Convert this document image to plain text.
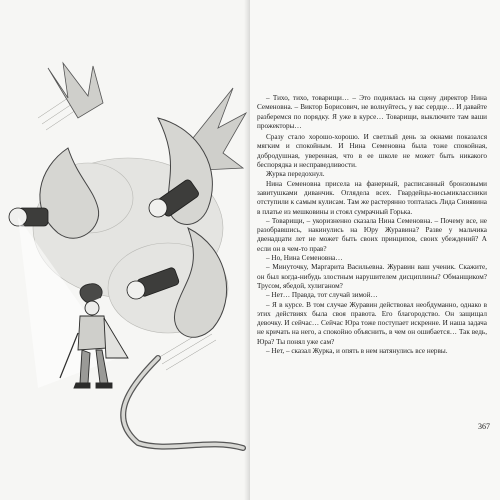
– Тихо, тихо, товарищи… – Это поднялась на сцену директор Нина Семеновна. – Виктор Борисович, не волнуйтесь, у вас сердце… И давайте разберемся по порядку. Я уже в курсе… Товарищи, выключите там ваши прожекторы…

Сразу стало хорошо-хорошо. И светлый день за окнами показался мягким и спокойным. И Нина Семеновна была тоже спокойная, добродушная, уверенная, что в ее школе не может быть никакого беспорядка и несправедливости.

Журка передохнул.

Нина Семеновна присела на фанерный, расписанный бронзовыми завитушками диванчик. Оглядела всех. Гвардейцы-восьмиклассники отступили к самым кулисам. Там же растерянно топталась Лида Синявина в платье из мешковины и стоял сумрачный Горька.

– Товарищи, – укоризненно сказала Нина Семеновна. – Почему все, не разобравшись, накинулись на Юру Журавина? Разве у мальчика двенадцати лет не может быть своих принципов, своих убеждений? А если он в чем-то прав?

– Но, Нина Семеновна…

– Минуточку, Маргарита Васильевна. Журавин ваш ученик. Скажите, он был когда-нибудь злостным нарушителем дисциплины? Обманщиком? Трусом, ябедой, хулиганом?

– Нет… Правда, тот случай зимой…

– Я в курсе. В том случае Журавин действовал необдуманно, однако в этих действиях была своя правота. Его благородство. Он защищал девочку. И сейчас… Сейчас Юра тоже поступает искренне. И наша задача не кричать на него, а спокойно объяснить, в чем он ошибается… Так ведь, Юра? Ты понял уже сам?

– Нет, – сказал Журка, и опять в нем натянулись все нервы.

367
